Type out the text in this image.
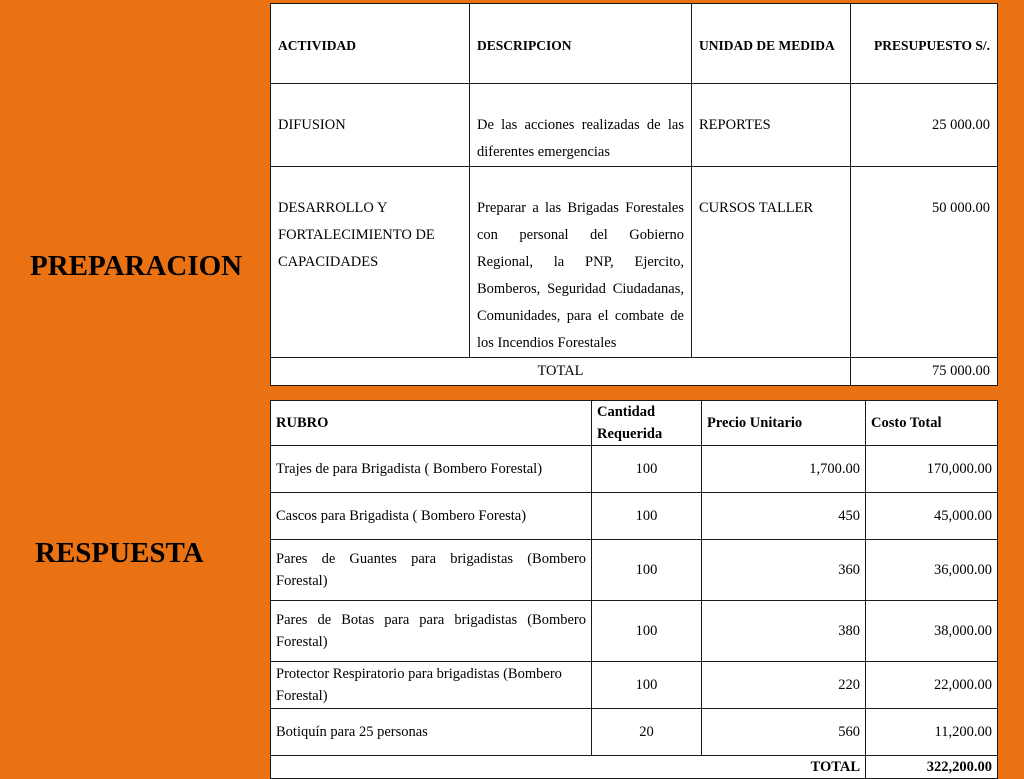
PREPARACION
RESPUESTA
ACTIVIDAD	DESCRIPCION	UNIDAD DE MEDIDA	PRESUPUESTO S/.
DIFUSION	De las acciones realizadas de las diferentes emergencias	REPORTES	25 000.00
DESARROLLO Y FORTALECIMIENTO DE CAPACIDADES	Preparar a las Brigadas Forestales con personal del Gobierno Regional, la PNP, Ejercito, Bomberos, Seguridad Ciudadanas, Comunidades, para el combate de los Incendios Forestales	CURSOS TALLER	50 000.00
TOTAL			75 000.00
RUBRO	Cantidad Requerida	Precio Unitario	Costo Total
Trajes de para Brigadista ( Bombero Forestal)	100	1,700.00	170,000.00
Cascos para Brigadista ( Bombero Foresta)	100	450	45,000.00
Pares de Guantes para brigadistas (Bombero Forestal)	100	360	36,000.00
Pares de Botas para para brigadistas (Bombero Forestal)	100	380	38,000.00
Protector Respiratorio para brigadistas (Bombero Forestal)	100	220	22,000.00
Botiquín para 25 personas	20	560	11,200.00
TOTAL			322,200.00
